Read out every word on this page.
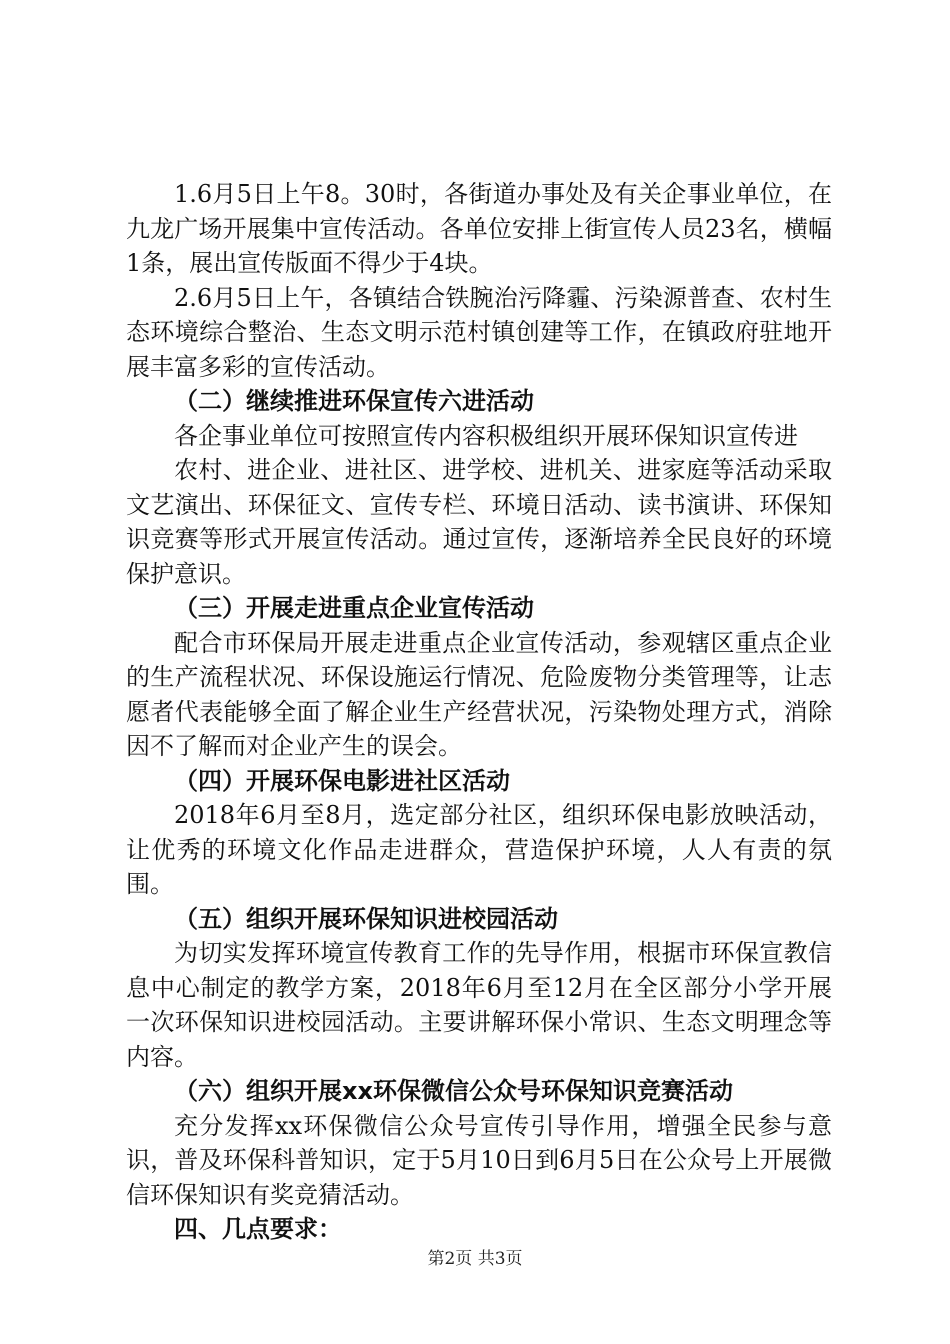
1.6月5日上午8。30时，各街道办事处及有关企事业单位，在九龙广场开展集中宣传活动。各单位安排上街宣传人员23名，横幅1条，展出宣传版面不得少于4块。

2.6月5日上午，各镇结合铁腕治污降霾、污染源普查、农村生态环境综合整治、生态文明示范村镇创建等工作，在镇政府驻地开展丰富多彩的宣传活动。

（二）继续推进环保宣传六进活动

各企事业单位可按照宣传内容积极组织开展环保知识宣传进

农村、进企业、进社区、进学校、进机关、进家庭等活动采取文艺演出、环保征文、宣传专栏、环境日活动、读书演讲、环保知识竞赛等形式开展宣传活动。通过宣传，逐渐培养全民良好的环境保护意识。

（三）开展走进重点企业宣传活动

配合市环保局开展走进重点企业宣传活动，参观辖区重点企业的生产流程状况、环保设施运行情况、危险废物分类管理等，让志愿者代表能够全面了解企业生产经营状况，污染物处理方式，消除因不了解而对企业产生的误会。

（四）开展环保电影进社区活动

2018年6月至8月，选定部分社区，组织环保电影放映活动，让优秀的环境文化作品走进群众，营造保护环境，人人有责的氛围。

（五）组织开展环保知识进校园活动

为切实发挥环境宣传教育工作的先导作用，根据市环保宣教信息中心制定的教学方案，2018年6月至12月在全区部分小学开展一次环保知识进校园活动。主要讲解环保小常识、生态文明理念等内容。

（六）组织开展xx环保微信公众号环保知识竞赛活动

充分发挥xx环保微信公众号宣传引导作用，增强全民参与意识，普及环保科普知识，定于5月10日到6月5日在公众号上开展微信环保知识有奖竞猜活动。

四、几点要求：

第2页 共3页
